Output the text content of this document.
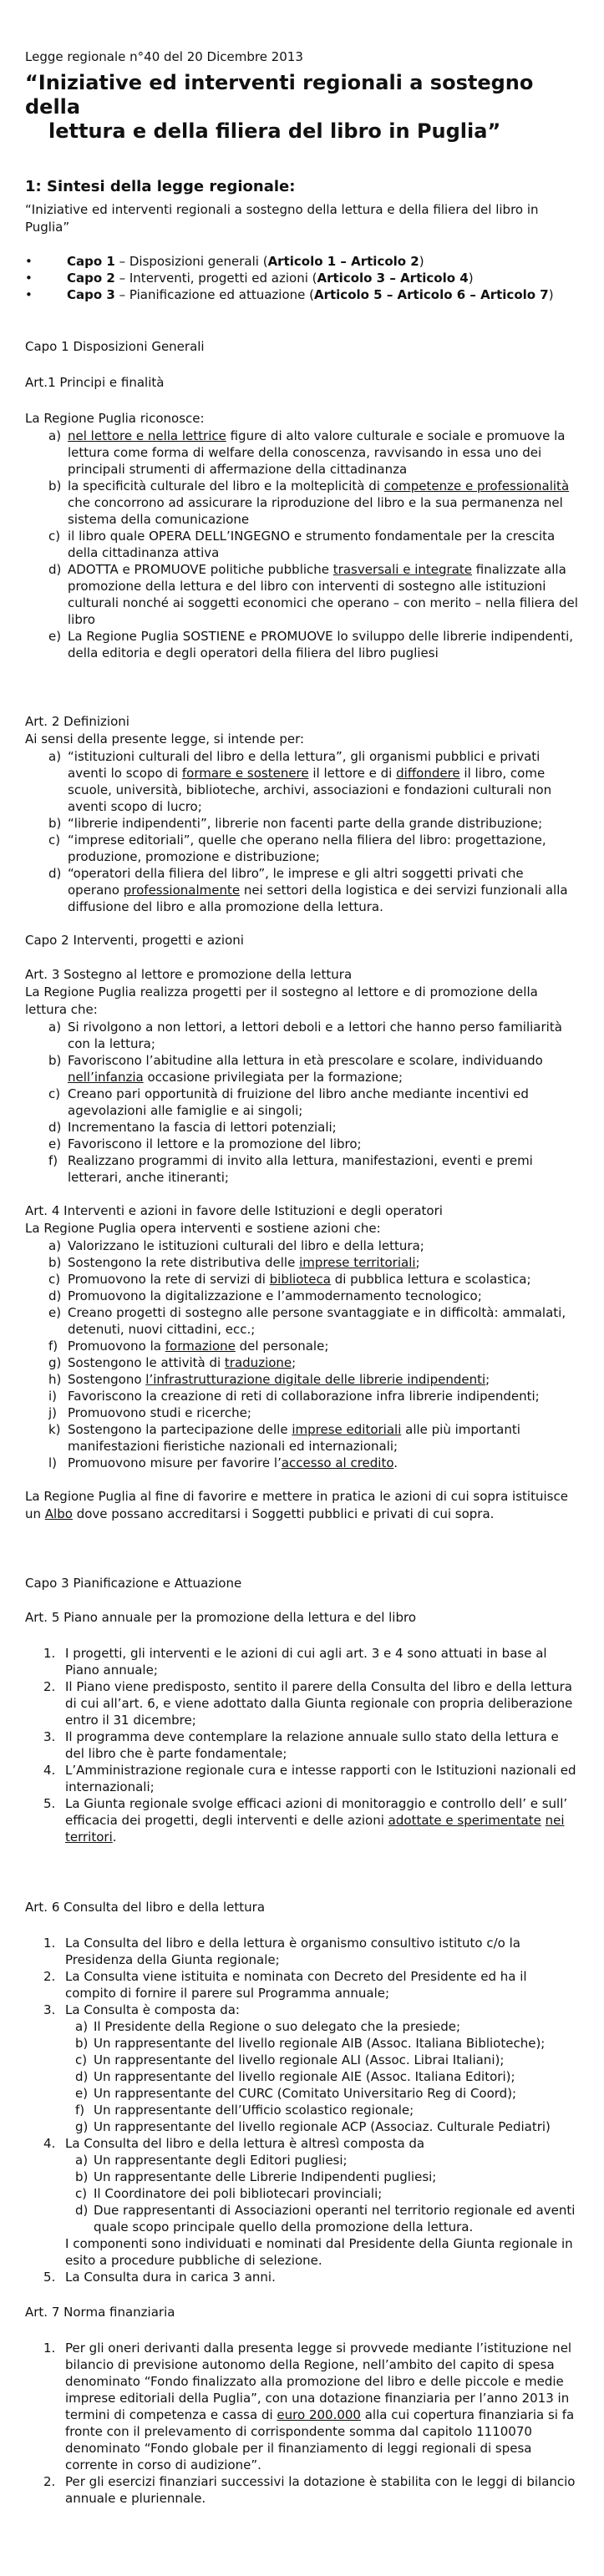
Legge regionale n°40 del 20 Dicembre 2013

“Iniziative ed interventi regionali a sostegno della
lettura e della filiera del libro in Puglia”
1: Sintesi della legge regionale:

“Iniziative ed interventi regionali a sostegno della lettura e della filiera del libro in Puglia”

•	Capo 1 – Disposizioni generali (Articolo 1 – Articolo 2)
•	Capo 2 – Interventi, progetti ed azioni (Articolo 3 – Articolo 4)
•	Capo 3 – Pianificazione ed attuazione (Articolo 5 – Articolo 6 – Articolo 7)

Capo 1 Disposizioni Generali

Art.1 Principi e finalità

La Regione Puglia riconosce:

a) nel lettore e nella lettrice figure di alto valore culturale e sociale e promuove la lettura come forma di welfare della conoscenza, ravvisando in essa uno dei principali strumenti di affermazione della cittadinanza
b) la specificità culturale del libro e la molteplicità di competenze e professionalità che concorrono ad assicurare la riproduzione del libro e la sua permanenza nel sistema della comunicazione
c) il libro quale OPERA DELL’INGEGNO e strumento fondamentale per la crescita della cittadinanza attiva
d) ADOTTA e PROMUOVE politiche pubbliche trasversali e integrate finalizzate alla promozione della lettura e del libro con interventi di sostegno alle istituzioni culturali nonché ai soggetti economici che operano – con merito – nella filiera del libro
e) La Regione Puglia SOSTIENE e PROMUOVE lo sviluppo delle librerie indipendenti, della editoria e degli operatori della filiera del libro pugliesi

Art. 2 Definizioni

Ai sensi della presente legge, si intende per:

a) “istituzioni culturali del libro e della lettura”, gli organismi pubblici e privati aventi lo scopo di formare e sostenere il lettore e di diffondere il libro, come scuole, università, biblioteche, archivi, associazioni e fondazioni culturali non aventi scopo di lucro;
b) “librerie indipendenti”, librerie non facenti parte della grande distribuzione;
c) “imprese editoriali”, quelle che operano nella filiera del libro: progettazione, produzione, promozione e distribuzione;
d) “operatori della filiera del libro”, le imprese e gli altri soggetti privati che operano professionalmente nei settori della logistica e dei servizi funzionali alla diffusione del libro e alla promozione della lettura.

Capo 2 Interventi, progetti e azioni

Art. 3 Sostegno al lettore e promozione della lettura

La Regione Puglia realizza progetti per il sostegno al lettore e di promozione della lettura che:

a) Si rivolgono a non lettori, a lettori deboli e a lettori che hanno perso familiarità con la lettura;
b) Favoriscono l’abitudine alla lettura in età prescolare e scolare, individuando nell’infanzia occasione privilegiata per la formazione;
c) Creano pari opportunità di fruizione del libro anche mediante incentivi ed agevolazioni alle famiglie e ai singoli;
d) Incrementano la fascia di lettori potenziali;
e) Favoriscono il lettore e la promozione del libro;
f) Realizzano programmi di invito alla lettura, manifestazioni, eventi e premi letterari, anche itineranti;

Art. 4 Interventi e azioni in favore delle Istituzioni e degli operatori

La Regione Puglia opera interventi e sostiene azioni che:

a) Valorizzano le istituzioni culturali del libro e della lettura;
b) Sostengono la rete distributiva delle imprese territoriali;
c) Promuovono la rete di servizi di biblioteca di pubblica lettura e scolastica;
d) Promuovono la digitalizzazione e l’ammodernamento tecnologico;
e) Creano progetti di sostegno alle persone svantaggiate e in difficoltà: ammalati, detenuti, nuovi cittadini, ecc.;
f) Promuovono la formazione del personale;
g) Sostengono le attività di traduzione;
h) Sostengono l’infrastrutturazione digitale delle librerie indipendenti;
i) Favoriscono la creazione di reti di collaborazione infra librerie indipendenti;
j) Promuovono studi e ricerche;
k) Sostengono la partecipazione delle imprese editoriali alle più importanti manifestazioni fieristiche nazionali ed internazionali;
l) Promuovono misure per favorire l’accesso al credito.

La Regione Puglia al fine di favorire e mettere in pratica le azioni di cui sopra istituisce un Albo dove possano accreditarsi i Soggetti pubblici e privati di cui sopra.

Capo 3 Pianificazione e Attuazione

Art. 5 Piano annuale per la promozione della lettura e del libro

1. I progetti, gli interventi e le azioni di cui agli art. 3 e 4 sono attuati in base al Piano annuale;
2. Il Piano viene predisposto, sentito il parere della Consulta del libro e della lettura di cui all’art. 6, e viene adottato dalla Giunta regionale con propria deliberazione entro il 31 dicembre;
3. Il programma deve contemplare la relazione annuale sullo stato della lettura e del libro che è parte fondamentale;
4. L’Amministrazione regionale cura e intesse rapporti con le Istituzioni nazionali ed internazionali;
5. La Giunta regionale svolge efficaci azioni di monitoraggio e controllo dell’ e sull’ efficacia dei progetti, degli interventi e delle azioni adottate e sperimentate nei territori.

Art. 6 Consulta del libro e della lettura

1. La Consulta del libro e della lettura è organismo consultivo istituto c/o la Presidenza della Giunta regionale;
2. La Consulta viene istituita e nominata con Decreto del Presidente ed ha il compito di fornire il parere sul Programma annuale;
3. La Consulta è composta da:
a) Il Presidente della Regione o suo delegato che la presiede;
b) Un rappresentante del livello regionale AIB (Assoc. Italiana Biblioteche);
c) Un rappresentante del livello regionale ALI (Assoc. Librai Italiani);
d) Un rappresentante del livello regionale AIE (Assoc. Italiana Editori);
e) Un rappresentante del CURC (Comitato Universitario Reg di Coord);
f) Un rappresentante dell’Ufficio scolastico regionale;
g) Un rappresentante del livello regionale ACP (Associaz. Culturale Pediatri)
4. La Consulta del libro e della lettura è altresì composta da
a) Un rappresentante degli Editori pugliesi;
b) Un rappresentante delle Librerie Indipendenti pugliesi;
c) Il Coordinatore dei poli bibliotecari provinciali;
d) Due rappresentanti di Associazioni operanti nel territorio regionale ed aventi quale scopo principale quello della promozione della lettura.
I componenti sono individuati e nominati dal Presidente della Giunta regionale in esito a procedure pubbliche di selezione.
5. La Consulta dura in carica 3 anni.

Art. 7 Norma finanziaria

1. Per gli oneri derivanti dalla presenta legge si provvede mediante l’istituzione nel bilancio di previsione autonomo della Regione, nell’ambito del capito di spesa denominato “Fondo finalizzato alla promozione del libro e delle piccole e medie imprese editoriali della Puglia”, con una dotazione finanziaria per l’anno 2013 in termini di competenza e cassa di euro 200.000 alla cui copertura finanziaria si fa fronte con il prelevamento di corrispondente somma dal capitolo 1110070 denominato “Fondo globale per il finanziamento di leggi regionali di spesa corrente in corso di audizione”.
2. Per gli esercizi finanziari successivi la dotazione è stabilita con le leggi di bilancio annuale e pluriennale.
